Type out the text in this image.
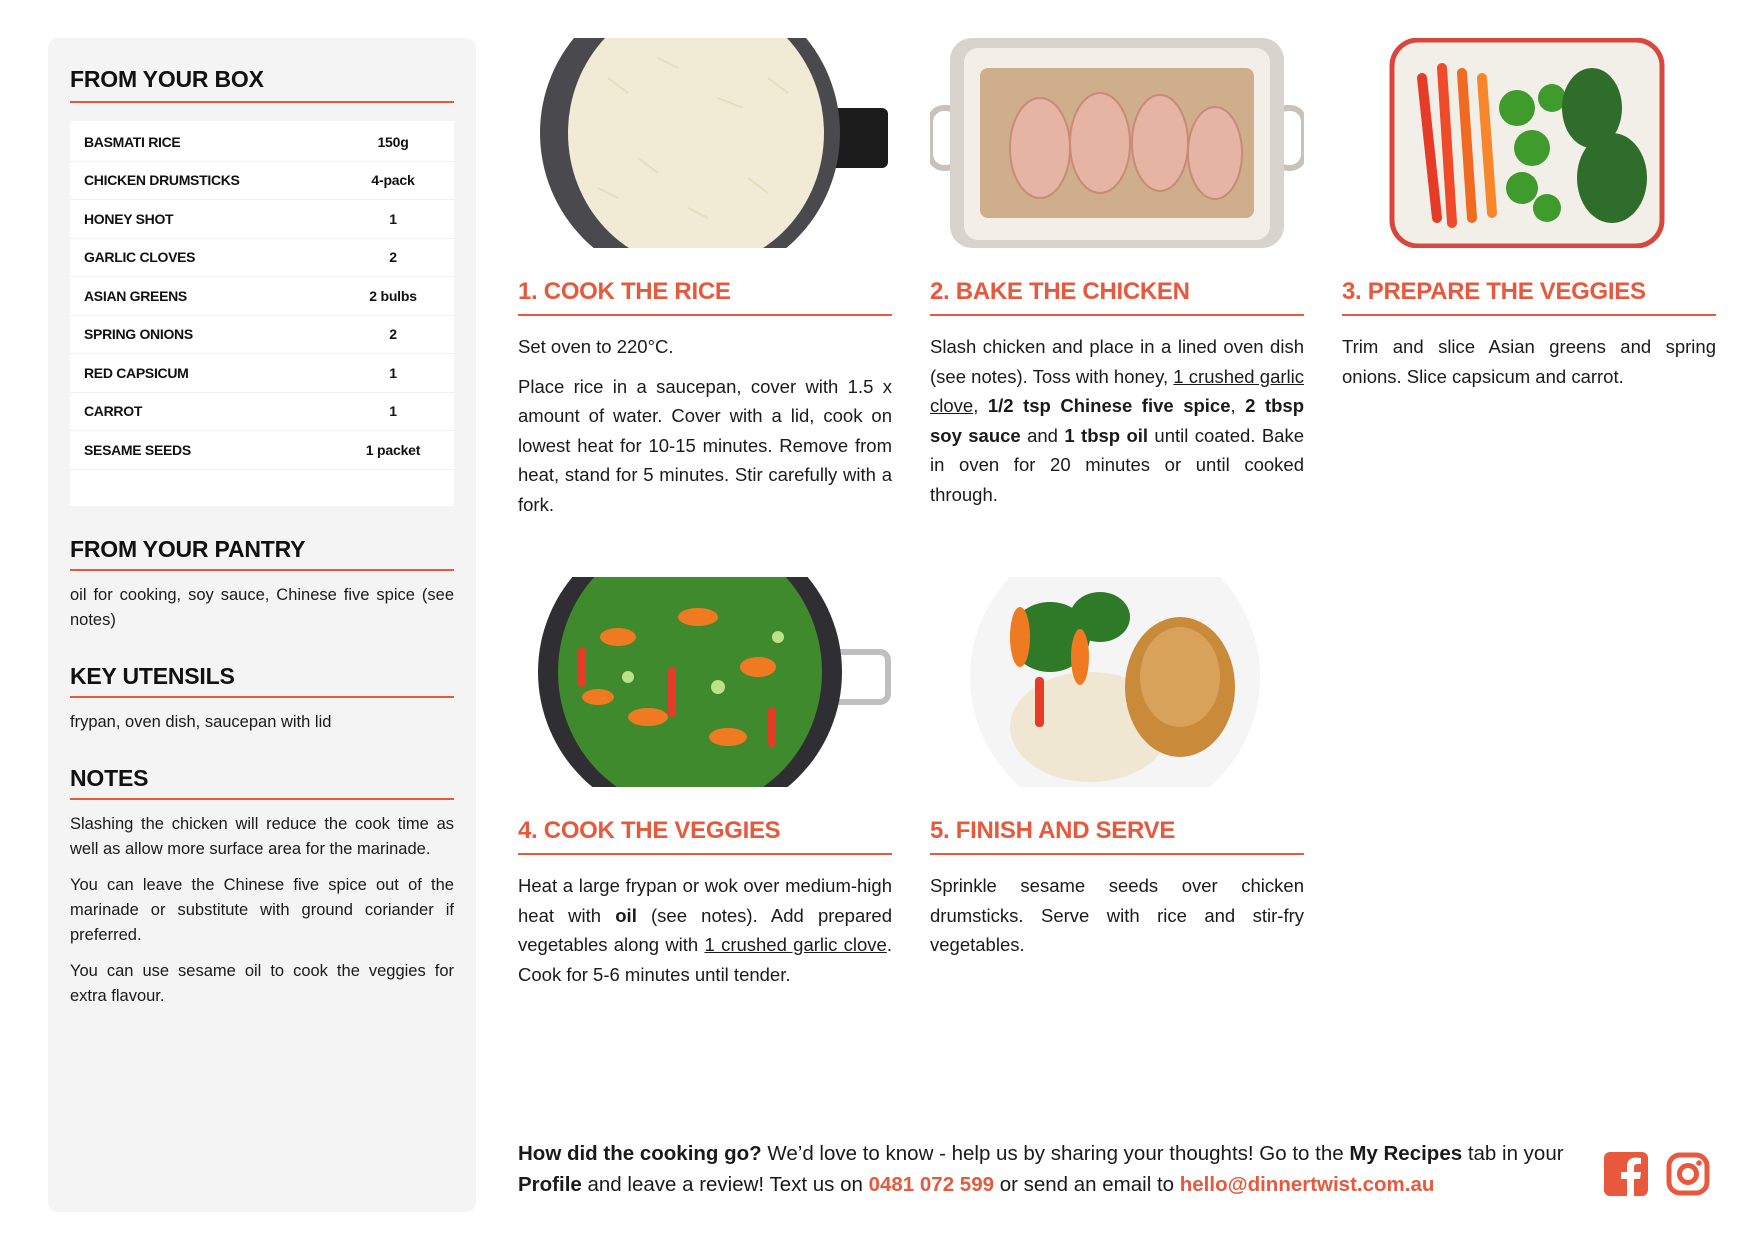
FROM YOUR BOX
BASMATI RICE	150g
CHICKEN DRUMSTICKS	4-pack
HONEY SHOT	1
GARLIC CLOVES	2
ASIAN GREENS	2 bulbs
SPRING ONIONS	2
RED CAPSICUM	1
CARROT	1
SESAME SEEDS	1 packet
FROM YOUR PANTRY
oil for cooking, soy sauce, Chinese five spice (see notes)
KEY UTENSILS
frypan, oven dish, saucepan with lid
NOTES

Slashing the chicken will reduce the cook time as well as allow more surface area for the marinade.

You can leave the Chinese five spice out of the marinade or substitute with ground coriander if preferred.

You can use sesame oil to cook the veggies for extra flavour.

1. COOK THE RICE

Set oven to 220°C.

Place rice in a saucepan, cover with 1.5 x amount of water. Cover with a lid, cook on lowest heat for 10-15 minutes. Remove from heat, stand for 5 minutes. Stir carefully with a fork.

2. BAKE THE CHICKEN

Slash chicken and place in a lined oven dish (see notes). Toss with honey, 1 crushed garlic clove, 1/2 tsp Chinese five spice, 2 tbsp soy sauce and 1 tbsp oil until coated. Bake in oven for 20 minutes or until cooked through.

3. PREPARE THE VEGGIES

Trim and slice Asian greens and spring onions. Slice capsicum and carrot.

4. COOK THE VEGGIES

Heat a large frypan or wok over medium-high heat with oil (see notes). Add prepared vegetables along with 1 crushed garlic clove. Cook for 5-6 minutes until tender.

5. FINISH AND SERVE

Sprinkle sesame seeds over chicken drumsticks. Serve with rice and stir-fry vegetables.

How did the cooking go? We’d love to know - help us by sharing your thoughts! Go to the My Recipes tab in your Profile and leave a review! Text us on 0481 072 599 or send an email to hello@dinnertwist.com.au
